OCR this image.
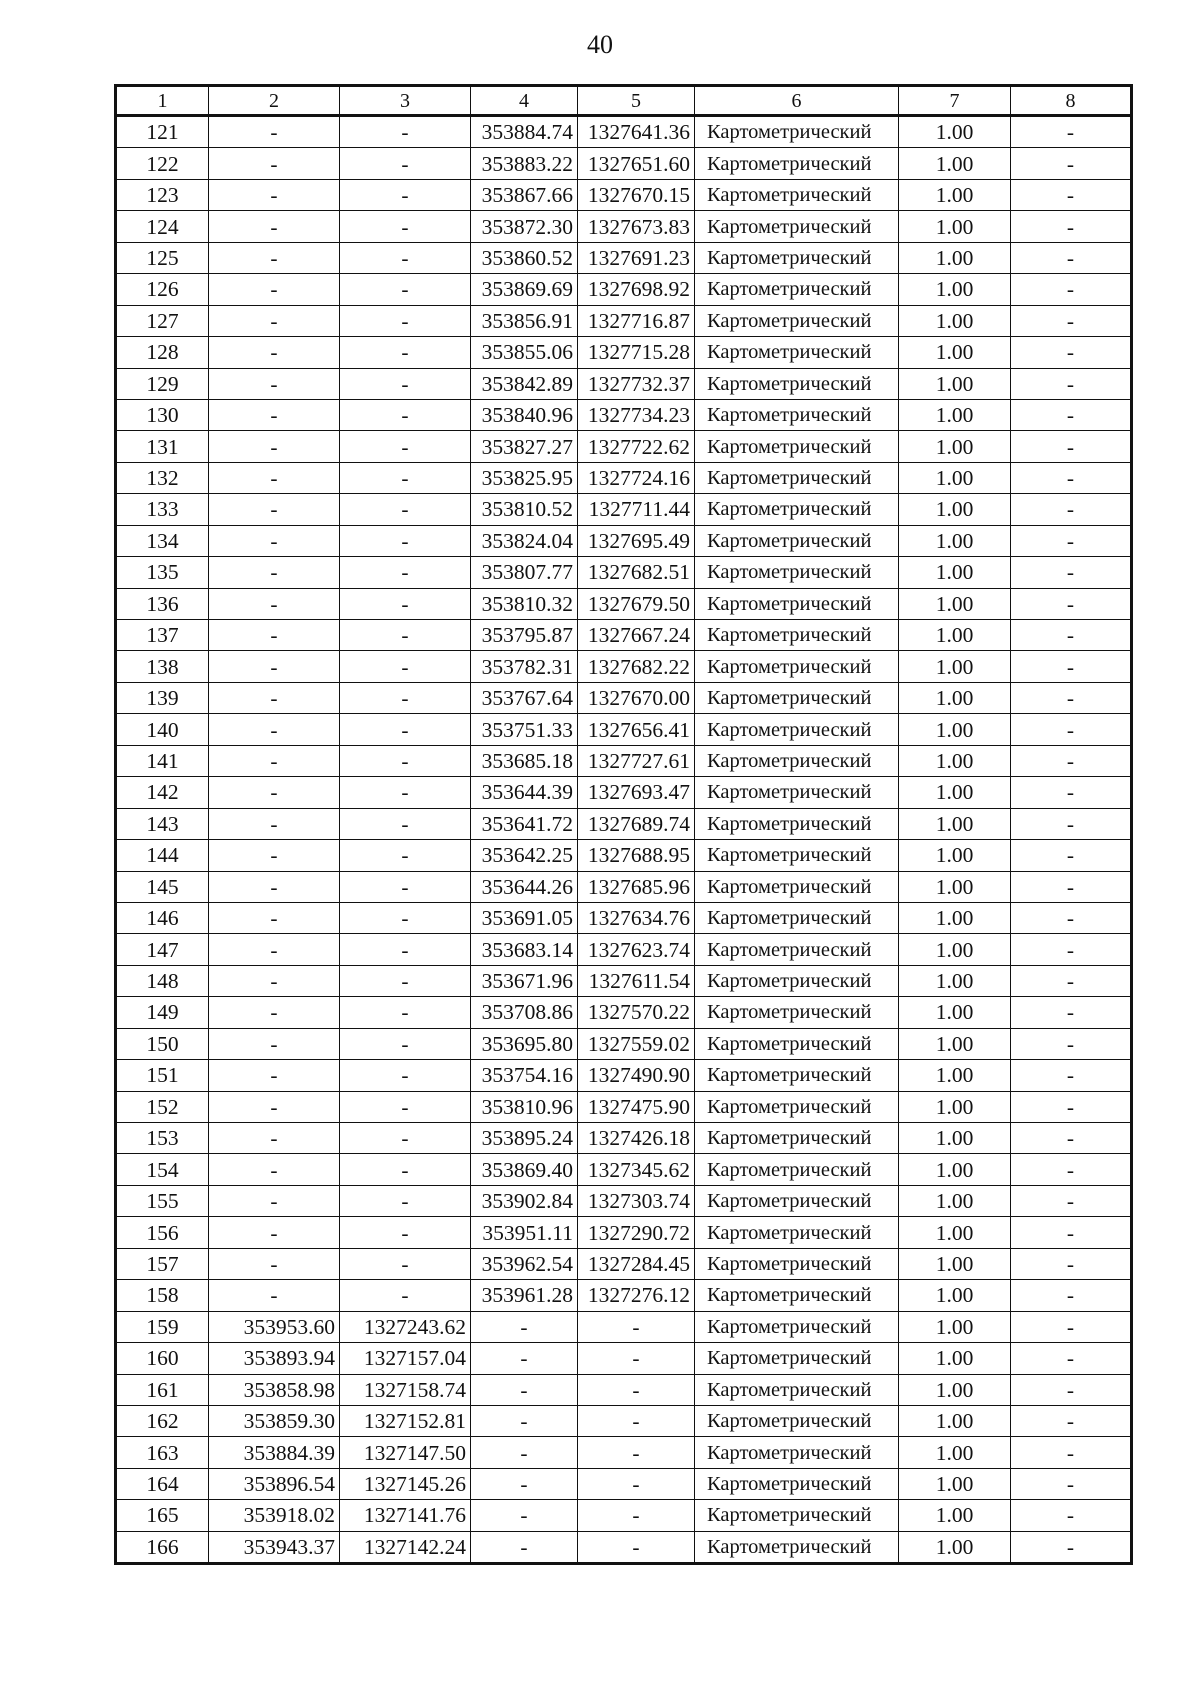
40
1	2	3	4	5	6	7	8
121	-	-	353884.74	1327641.36	Картометрический	1.00	-
122	-	-	353883.22	1327651.60	Картометрический	1.00	-
123	-	-	353867.66	1327670.15	Картометрический	1.00	-
124	-	-	353872.30	1327673.83	Картометрический	1.00	-
125	-	-	353860.52	1327691.23	Картометрический	1.00	-
126	-	-	353869.69	1327698.92	Картометрический	1.00	-
127	-	-	353856.91	1327716.87	Картометрический	1.00	-
128	-	-	353855.06	1327715.28	Картометрический	1.00	-
129	-	-	353842.89	1327732.37	Картометрический	1.00	-
130	-	-	353840.96	1327734.23	Картометрический	1.00	-
131	-	-	353827.27	1327722.62	Картометрический	1.00	-
132	-	-	353825.95	1327724.16	Картометрический	1.00	-
133	-	-	353810.52	1327711.44	Картометрический	1.00	-
134	-	-	353824.04	1327695.49	Картометрический	1.00	-
135	-	-	353807.77	1327682.51	Картометрический	1.00	-
136	-	-	353810.32	1327679.50	Картометрический	1.00	-
137	-	-	353795.87	1327667.24	Картометрический	1.00	-
138	-	-	353782.31	1327682.22	Картометрический	1.00	-
139	-	-	353767.64	1327670.00	Картометрический	1.00	-
140	-	-	353751.33	1327656.41	Картометрический	1.00	-
141	-	-	353685.18	1327727.61	Картометрический	1.00	-
142	-	-	353644.39	1327693.47	Картометрический	1.00	-
143	-	-	353641.72	1327689.74	Картометрический	1.00	-
144	-	-	353642.25	1327688.95	Картометрический	1.00	-
145	-	-	353644.26	1327685.96	Картометрический	1.00	-
146	-	-	353691.05	1327634.76	Картометрический	1.00	-
147	-	-	353683.14	1327623.74	Картометрический	1.00	-
148	-	-	353671.96	1327611.54	Картометрический	1.00	-
149	-	-	353708.86	1327570.22	Картометрический	1.00	-
150	-	-	353695.80	1327559.02	Картометрический	1.00	-
151	-	-	353754.16	1327490.90	Картометрический	1.00	-
152	-	-	353810.96	1327475.90	Картометрический	1.00	-
153	-	-	353895.24	1327426.18	Картометрический	1.00	-
154	-	-	353869.40	1327345.62	Картометрический	1.00	-
155	-	-	353902.84	1327303.74	Картометрический	1.00	-
156	-	-	353951.11	1327290.72	Картометрический	1.00	-
157	-	-	353962.54	1327284.45	Картометрический	1.00	-
158	-	-	353961.28	1327276.12	Картометрический	1.00	-
159	353953.60	1327243.62	-	-	Картометрический	1.00	-
160	353893.94	1327157.04	-	-	Картометрический	1.00	-
161	353858.98	1327158.74	-	-	Картометрический	1.00	-
162	353859.30	1327152.81	-	-	Картометрический	1.00	-
163	353884.39	1327147.50	-	-	Картометрический	1.00	-
164	353896.54	1327145.26	-	-	Картометрический	1.00	-
165	353918.02	1327141.76	-	-	Картометрический	1.00	-
166	353943.37	1327142.24	-	-	Картометрический	1.00	-
